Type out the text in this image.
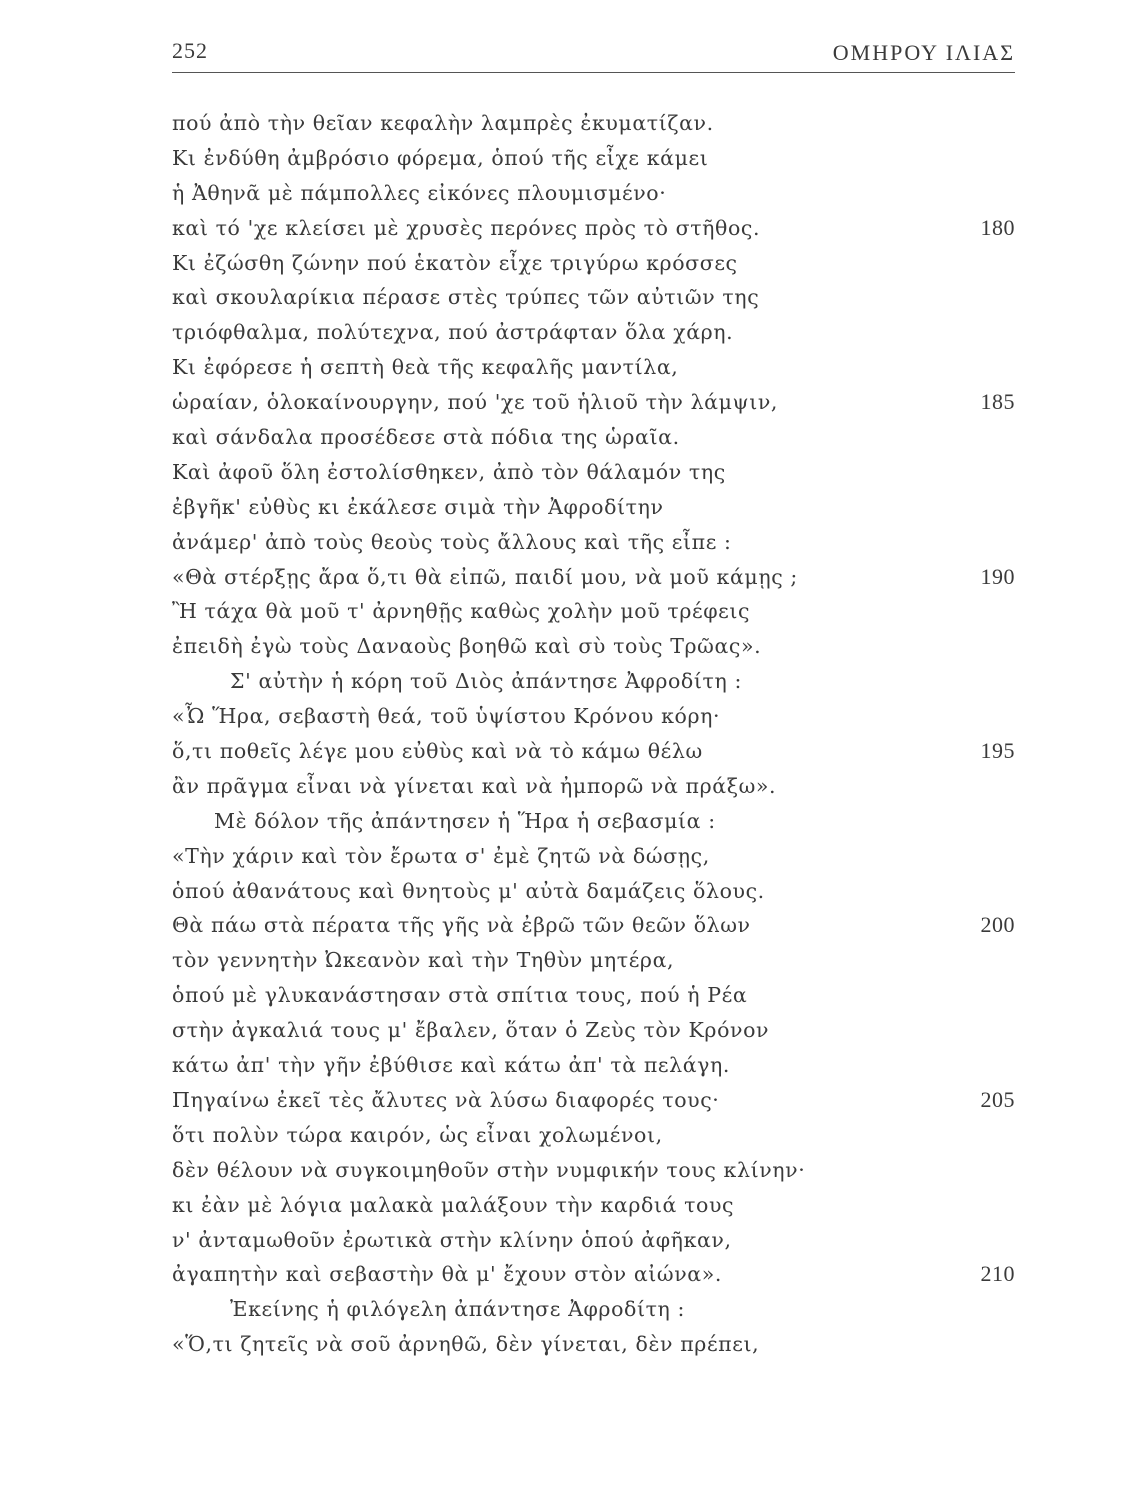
252	ΟΜΗΡΟΥ ΙΛΙΑΣ
πού ἀπὸ τὴν θεῖαν κεφαλὴν λαμπρὲς ἐκυματίζαν.
Κι ἐνδύθη ἀμβρόσιο φόρεμα, ὁπού τῆς εἶχε κάμει
ἡ Ἀθηνᾶ μὲ πάμπολλες εἰκόνες πλουμισμένο·
καὶ τό 'χε κλείσει μὲ χρυσὲς περόνες πρὸς τὸ στῆθος.	180
Κι ἐζώσθη ζώνην πού ἑκατὸν εἶχε τριγύρω κρόσσες
καὶ σκουλαρίκια πέρασε στὲς τρύπες τῶν αὐτιῶν της
τριόφθαλμα, πολύτεχνα, πού ἀστράφταν ὅλα χάρη.
Κι ἐφόρεσε ἡ σεπτὴ θεὰ τῆς κεφαλῆς μαντίλα,
ὡραίαν, ὁλοκαίνουργην, πού 'χε τοῦ ἡλιοῦ τὴν λάμψιν,	185
καὶ σάνδαλα προσέδεσε στὰ πόδια της ὡραῖα.
Καὶ ἀφοῦ ὅλη ἐστολίσθηκεν, ἀπὸ τὸν θάλαμόν της
ἐβγῆκ' εὐθὺς κι ἐκάλεσε σιμὰ τὴν Ἀφροδίτην
ἀνάμερ' ἀπὸ τοὺς θεοὺς τοὺς ἄλλους καὶ τῆς εἶπε :
«Θὰ στέρξῃς ἄρα ὅ,τι θὰ εἰπῶ, παιδί μου, νὰ μοῦ κάμῃς ;	190
Ἢ τάχα θὰ μοῦ τ' ἀρνηθῇς καθὼς χολὴν μοῦ τρέφεις
ἐπειδὴ ἐγὼ τοὺς Δαναοὺς βοηθῶ καὶ σὺ τοὺς Τρῶας».
Σ' αὐτὴν ἡ κόρη τοῦ Διὸς ἀπάντησε Ἀφροδίτη :
«Ὦ Ἥρα, σεβαστὴ θεά, τοῦ ὑψίστου Κρόνου κόρη·
ὅ,τι ποθεῖς λέγε μου εὐθὺς καὶ νὰ τὸ κάμω θέλω	195
ἂν πρᾶγμα εἶναι νὰ γίνεται καὶ νὰ ἠμπορῶ νὰ πράξω».
Μὲ δόλον τῆς ἀπάντησεν ἡ Ἥρα ἡ σεβασμία :
«Τὴν χάριν καὶ τὸν ἔρωτα σ' ἐμὲ ζητῶ νὰ δώσῃς,
ὁπού ἀθανάτους καὶ θνητοὺς μ' αὐτὰ δαμάζεις ὅλους.
Θὰ πάω στὰ πέρατα τῆς γῆς νὰ ἐβρῶ τῶν θεῶν ὅλων	200
τὸν γεννητὴν Ὠκεανὸν καὶ τὴν Τηθὺν μητέρα,
ὁπού μὲ γλυκανάστησαν στὰ σπίτια τους, πού ἡ Ρέα
στὴν ἀγκαλιά τους μ' ἔβαλεν, ὅταν ὁ Ζεὺς τὸν Κρόνον
κάτω ἀπ' τὴν γῆν ἐβύθισε καὶ κάτω ἀπ' τὰ πελάγη.
Πηγαίνω ἐκεῖ τὲς ἄλυτες νὰ λύσω διαφορές τους·	205
ὅτι πολὺν τώρα καιρόν, ὡς εἶναι χολωμένοι,
δὲν θέλουν νὰ συγκοιμηθοῦν στὴν νυμφικήν τους κλίνην·
κι ἐὰν μὲ λόγια μαλακὰ μαλάξουν τὴν καρδιά τους
ν' ἀνταμωθοῦν ἐρωτικὰ στὴν κλίνην ὁπού ἀφῆκαν,
ἀγαπητὴν καὶ σεβαστὴν θὰ μ' ἔχουν στὸν αἰώνα».	210
Ἐκείνης ἡ φιλόγελη ἀπάντησε Ἀφροδίτη :
«Ὅ,τι ζητεῖς νὰ σοῦ ἀρνηθῶ, δὲν γίνεται, δὲν πρέπει,
